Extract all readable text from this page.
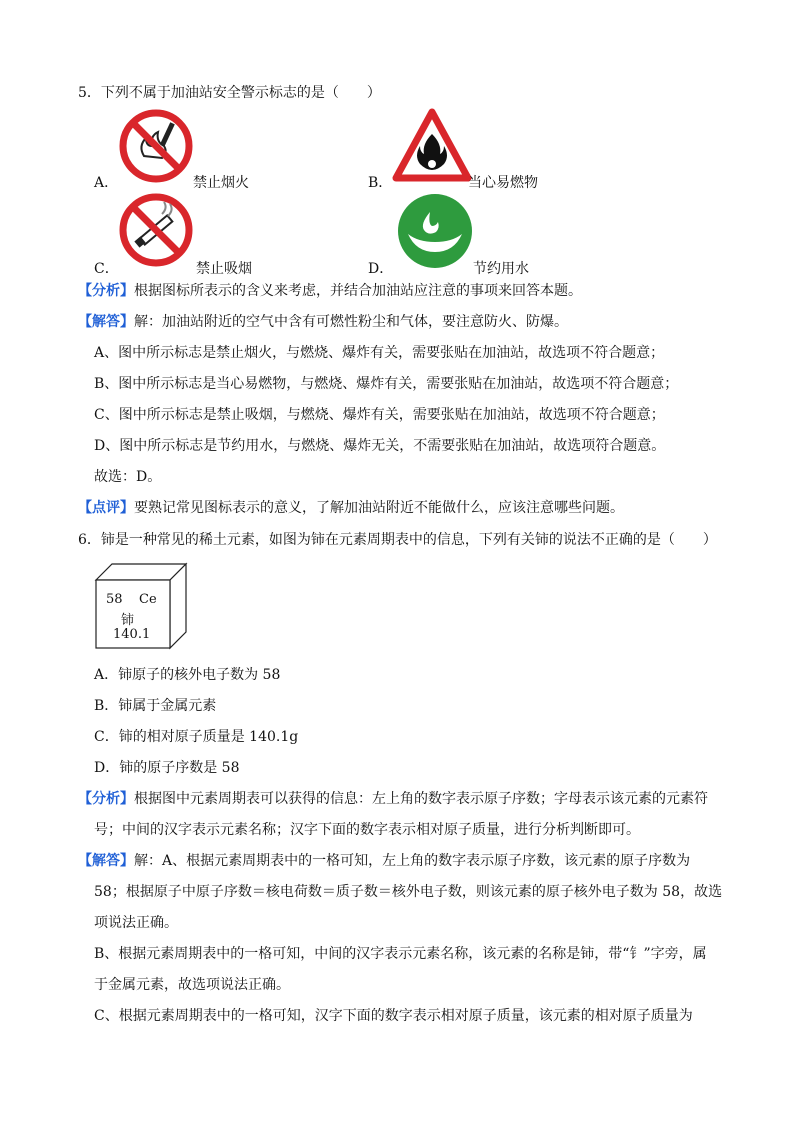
5．下列不属于加油站安全警示标志的是（　　）
A．	禁止烟火	B．	当心易燃物
C．	禁止吸烟	D．	节约用水
【分析】根据图标所表示的含义来考虑，并结合加油站应注意的事项来回答本题。
【解答】解：加油站附近的空气中含有可燃性粉尘和气体，要注意防火、防爆。
A、图中所示标志是禁止烟火，与燃烧、爆炸有关，需要张贴在加油站，故选项不符合题意；
B、图中所示标志是当心易燃物，与燃烧、爆炸有关，需要张贴在加油站，故选项不符合题意；
C、图中所示标志是禁止吸烟，与燃烧、爆炸有关，需要张贴在加油站，故选项不符合题意；
D、图中所示标志是节约用水，与燃烧、爆炸无关，不需要张贴在加油站，故选项符合题意。
故选：D。
【点评】要熟记常见图标表示的意义，了解加油站附近不能做什么，应该注意哪些问题。
6．铈是一种常见的稀土元素，如图为铈在元素周期表中的信息，下列有关铈的说法不正确的是（　　）
58 Ce
铈
140.1
A．铈原子的核外电子数为 58
B．铈属于金属元素
C．铈的相对原子质量是 140.1g
D．铈的原子序数是 58
【分析】根据图中元素周期表可以获得的信息：左上角的数字表示原子序数；字母表示该元素的元素符
号；中间的汉字表示元素名称；汉字下面的数字表示相对原子质量，进行分析判断即可。
【解答】解：A、根据元素周期表中的一格可知，左上角的数字表示原子序数，该元素的原子序数为
58；根据原子中原子序数＝核电荷数＝质子数＝核外电子数，则该元素的原子核外电子数为 58，故选
项说法正确。
B、根据元素周期表中的一格可知，中间的汉字表示元素名称，该元素的名称是铈，带“钅”字旁，属
于金属元素，故选项说法正确。
C、根据元素周期表中的一格可知，汉字下面的数字表示相对原子质量，该元素的相对原子质量为
